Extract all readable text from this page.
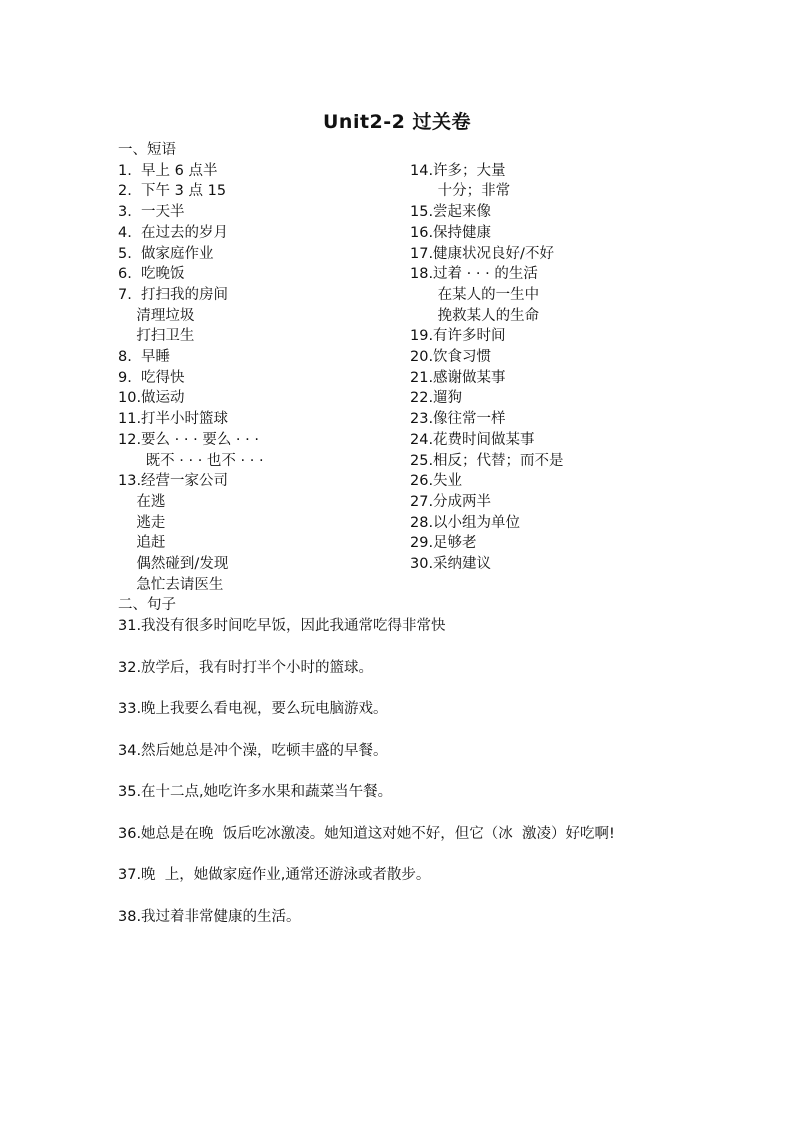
Unit2-2 过关卷
一、短语
1.  早上 6 点半
2.  下午 3 点 15
3.  一天半
4.  在过去的岁月
5.  做家庭作业
6.  吃晚饭
7.  打扫我的房间
清理垃圾
打扫卫生
8.  早睡
9.  吃得快
10.做运动
11.打半小时篮球
12.要么 · · · 要么 · · ·
既不 · · · 也不 · · ·
13.经营一家公司
在逃
逃走
追赶
偶然碰到/发现
急忙去请医生
二、句子
14.许多；大量
十分；非常
15.尝起来像
16.保持健康
17.健康状况良好/不好
18.过着 · · · 的生活
在某人的一生中
挽救某人的生命
19.有许多时间
20.饮食习惯
21.感谢做某事
22.遛狗
23.像往常一样
24.花费时间做某事
25.相反；代替；而不是
26.失业
27.分成两半
28.以小组为单位
29.足够老
30.采纳建议
31.我没有很多时间吃早饭，因此我通常吃得非常快
32.放学后，我有时打半个小时的篮球。
33.晚上我要么看电视，要么玩电脑游戏。
34.然后她总是冲个澡，吃顿丰盛的早餐。
35.在十二点,她吃许多水果和蔬菜当午餐。
36.她总是在晚  饭后吃冰激凌。她知道这对她不好，但它（冰  激凌）好吃啊!
37.晚  上，她做家庭作业,通常还游泳或者散步。
38.我过着非常健康的生活。
